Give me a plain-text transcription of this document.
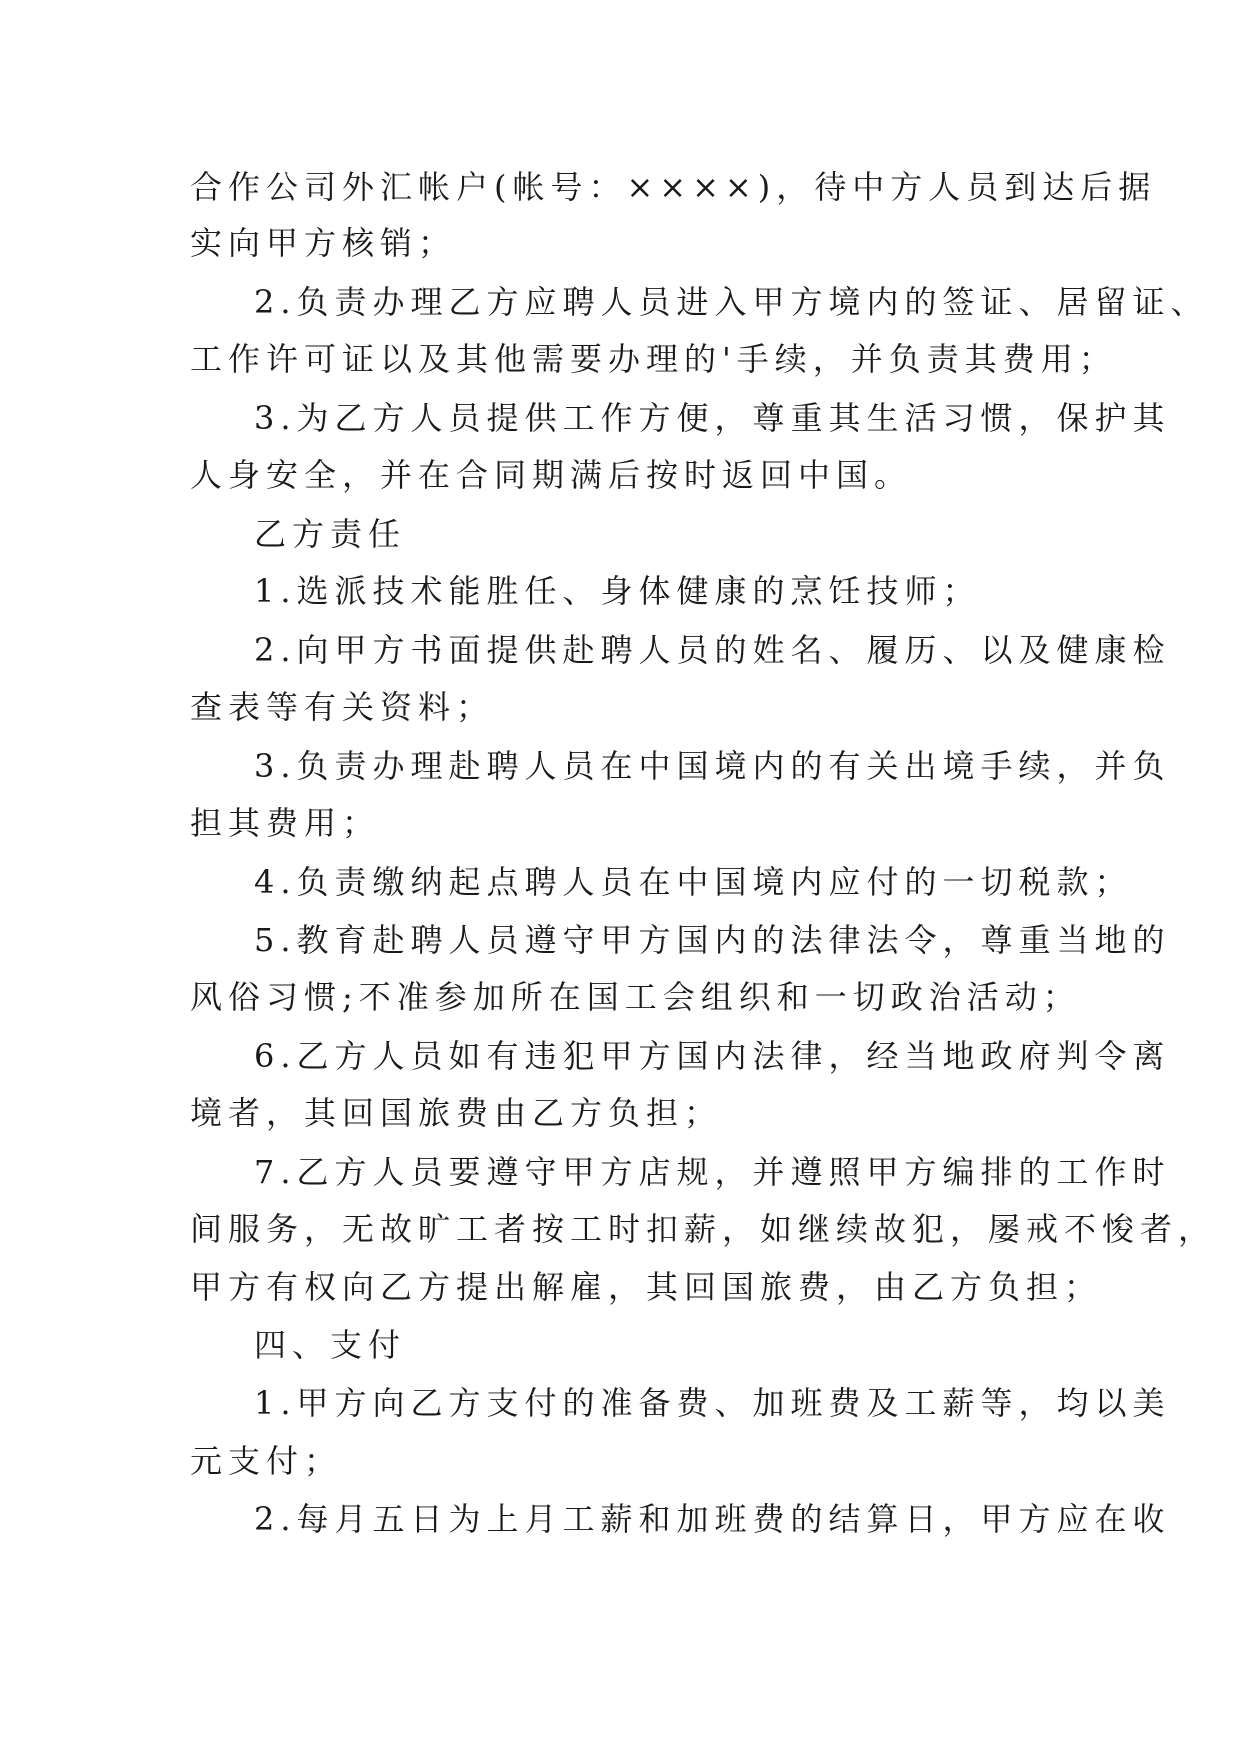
合作公司外汇帐户(帐号：××××)，待中方人员到达后据
实向甲方核销；
2.负责办理乙方应聘人员进入甲方境内的签证、居留证、
工作许可证以及其他需要办理的'手续，并负责其费用；
3.为乙方人员提供工作方便，尊重其生活习惯，保护其
人身安全，并在合同期满后按时返回中国。
乙方责任
1.选派技术能胜任、身体健康的烹饪技师；
2.向甲方书面提供赴聘人员的姓名、履历、以及健康检
查表等有关资料；
3.负责办理赴聘人员在中国境内的有关出境手续，并负
担其费用；
4.负责缴纳起点聘人员在中国境内应付的一切税款；
5.教育赴聘人员遵守甲方国内的法律法令，尊重当地的
风俗习惯;不准参加所在国工会组织和一切政治活动；
6.乙方人员如有违犯甲方国内法律，经当地政府判令离
境者，其回国旅费由乙方负担；
7.乙方人员要遵守甲方店规，并遵照甲方编排的工作时
间服务，无故旷工者按工时扣薪，如继续故犯，屡戒不悛者，
甲方有权向乙方提出解雇，其回国旅费，由乙方负担；
四、支付
1.甲方向乙方支付的准备费、加班费及工薪等，均以美
元支付；
2.每月五日为上月工薪和加班费的结算日，甲方应在收
